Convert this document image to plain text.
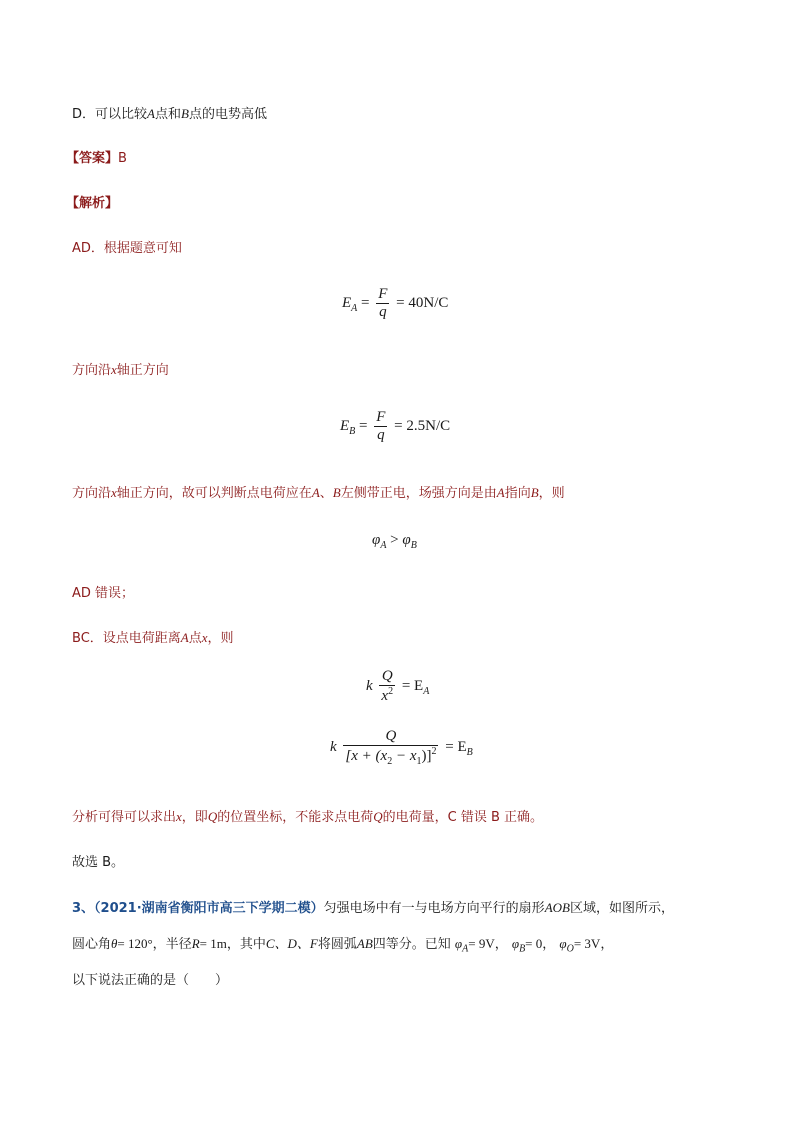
D．可以比较A点和B点的电势高低
【答案】B
【解析】
AD．根据题意可知
$E_A = \frac{F}{q} = 40N/C$
方向沿x轴正方向
$E_B = \frac{F}{q} = 2.5N/C$
方向沿x轴正方向，故可以判断点电荷应在A、B左侧带正电，场强方向是由A指向B，则
$\varphi_A > \varphi_B$
AD 错误；
BC．设点电荷距离A点x，则
k $\frac{Q}{x^2} = E_A$
k $\frac{Q}{[x + (x_2 - x_1)]^2} = E_B$
分析可得可以求出x，即Q的位置坐标，不能求点电荷Q的电荷量，C 错误 B 正确。
故选 B。
3、（2021·湖南省衡阳市高三下学期二模）匀强电场中有一与电场方向平行的扇形AOB区域，如图所示，
圆心角θ= 120°，半径R= 1m，其中C、D、F将圆弧AB四等分。已知 $\varphi_A= 9V$， $\varphi_B= 0$， $\varphi_O= 3V$，
以下说法正确的是（　　）
